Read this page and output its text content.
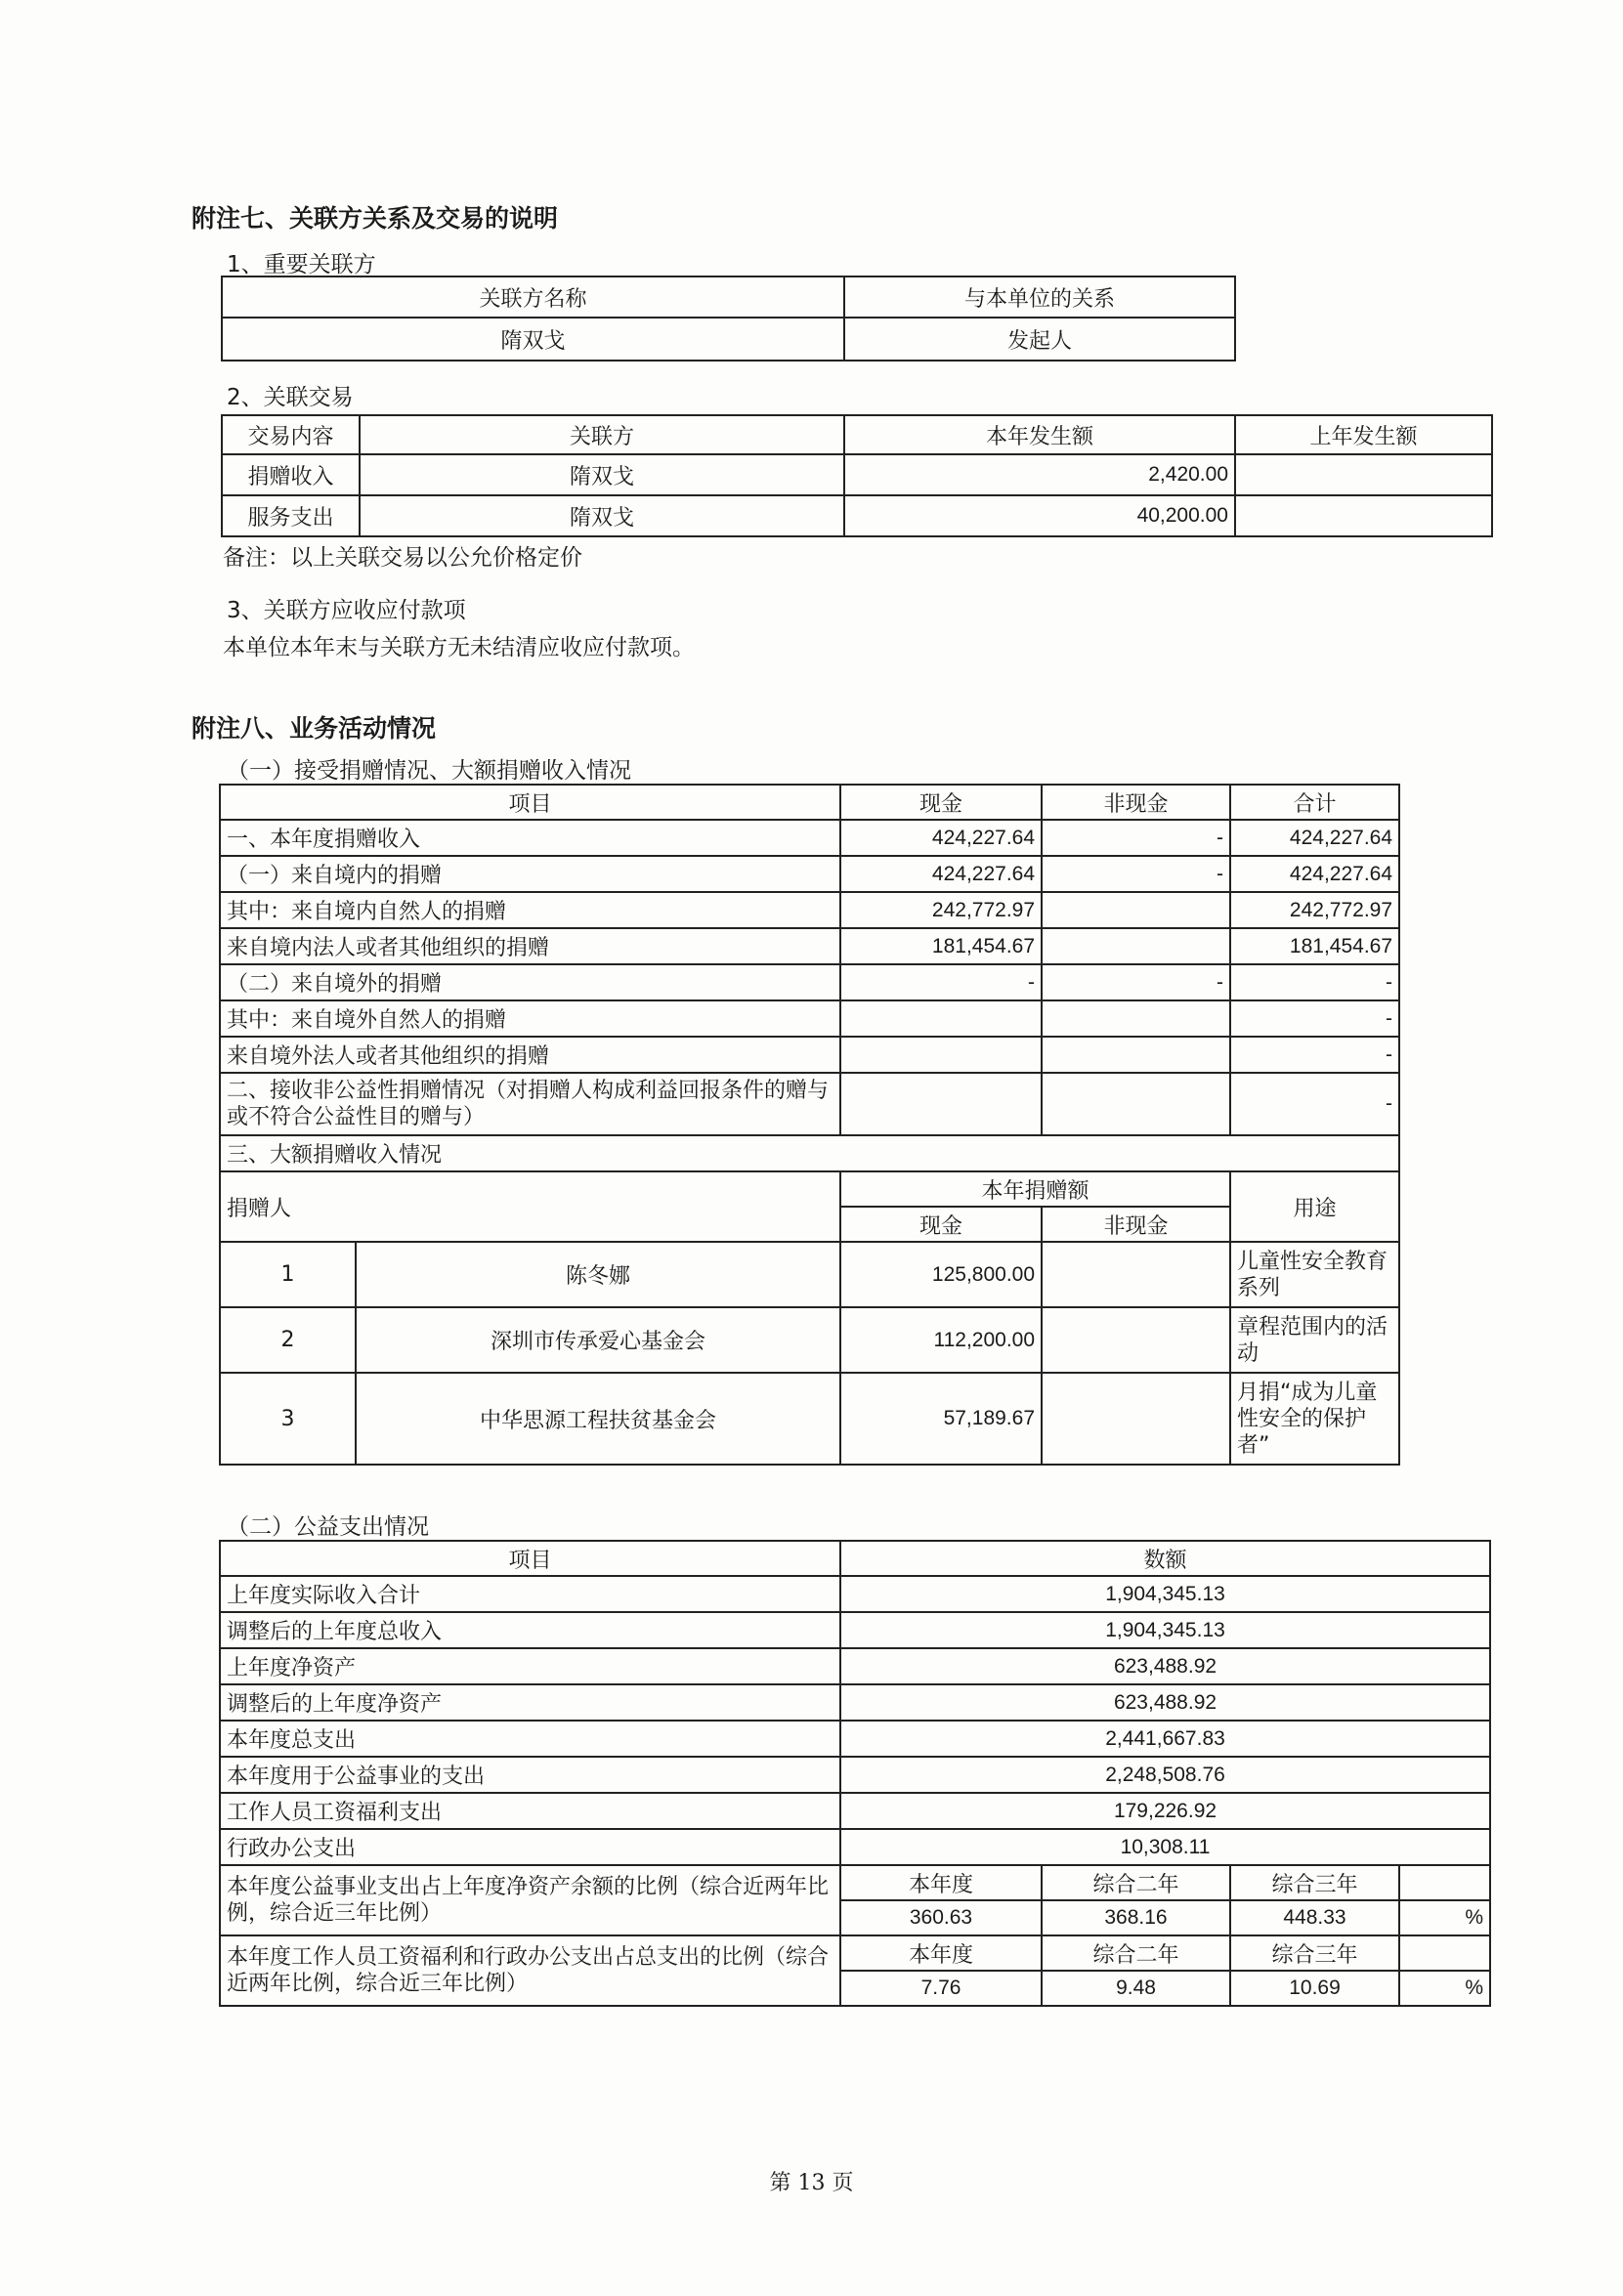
附注七、关联方关系及交易的说明
1、重要关联方
关联方名称	与本单位的关系
隋双戈	发起人
2、关联交易
交易内容	关联方	本年发生额	上年发生额
捐赠收入	隋双戈	2,420.00	
服务支出	隋双戈	40,200.00	
备注：以上关联交易以公允价格定价
3、关联方应收应付款项
本单位本年末与关联方无未结清应收应付款项。
附注八、业务活动情况
（一）接受捐赠情况、大额捐赠收入情况
项目		现金	非现金	合计
一、本年度捐赠收入		424,227.64	-	424,227.64
（一）来自境内的捐赠		424,227.64	-	424,227.64
其中：来自境内自然人的捐赠		242,772.97		242,772.97
来自境内法人或者其他组织的捐赠		181,454.67		181,454.67
（二）来自境外的捐赠		-	-	-
其中：来自境外自然人的捐赠				-
来自境外法人或者其他组织的捐赠				-
二、接收非公益性捐赠情况（对捐赠人构成利益回报条件的赠与或不符合公益性目的赠与）				-
三、大额捐赠收入情况				
捐赠人		本年捐赠额		用途
		现金	非现金	
1	陈冬娜	125,800.00		儿童性安全教育系列
2	深圳市传承爱心基金会	112,200.00		章程范围内的活动
3	中华思源工程扶贫基金会	57,189.67		月捐“成为儿童性安全的保护者”
（二）公益支出情况
项目	数额			
上年度实际收入合计	1,904,345.13			
调整后的上年度总收入	1,904,345.13			
上年度净资产	623,488.92			
调整后的上年度净资产	623,488.92			
本年度总支出	2,441,667.83			
本年度用于公益事业的支出	2,248,508.76			
工作人员工资福利支出	179,226.92			
行政办公支出	10,308.11			
本年度公益事业支出占上年度净资产余额的比例（综合近两年比例，综合近三年比例）	本年度	综合二年	综合三年	
	360.63	368.16	448.33	%
本年度工作人员工资福利和行政办公支出占总支出的比例（综合近两年比例，综合近三年比例）	本年度	综合二年	综合三年	
	7.76	9.48	10.69	%
第 13 页
